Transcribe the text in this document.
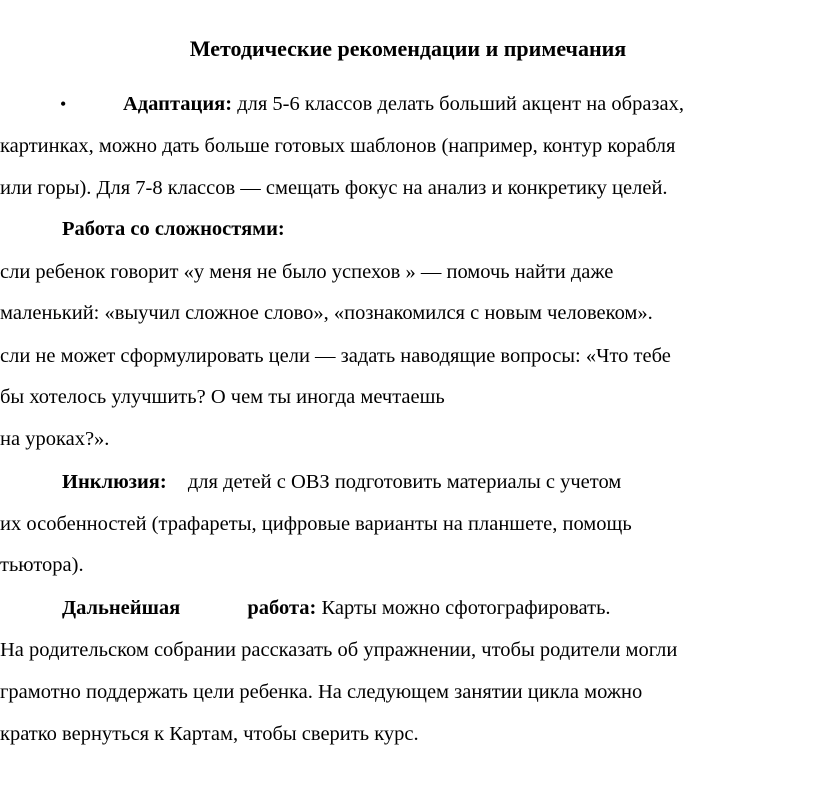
Методические рекомендации и примечания
•	Адаптация: для 5-6 классов делать больший акцент на образах,
картинках, можно дать больше готовых шаблонов (например, контур корабля
или горы). Для 7-8 классов — смещать фокус на анализ и конкретику целей.
Работа со сложностями:
сли ребенок говорит «у меня не было успехов » — помочь найти даже
маленький: «выучил сложное слово», «познакомился с новым человеком».
сли не может сформулировать цели — задать наводящие вопросы: «Что тебе
бы хотелось улучшить? О чем ты иногда мечтаешь
на уроках?».
Инклюзия: для детей с ОВЗ подготовить материалы с учетом
их особенностей (трафареты, цифровые варианты на планшете, помощь
тьютора).
Дальнейшая	работа: Карты можно сфотографировать.
На родительском собрании рассказать об упражнении, чтобы родители могли
грамотно поддержать цели ребенка. На следующем занятии цикла можно
кратко вернуться к Картам, чтобы сверить курс.
